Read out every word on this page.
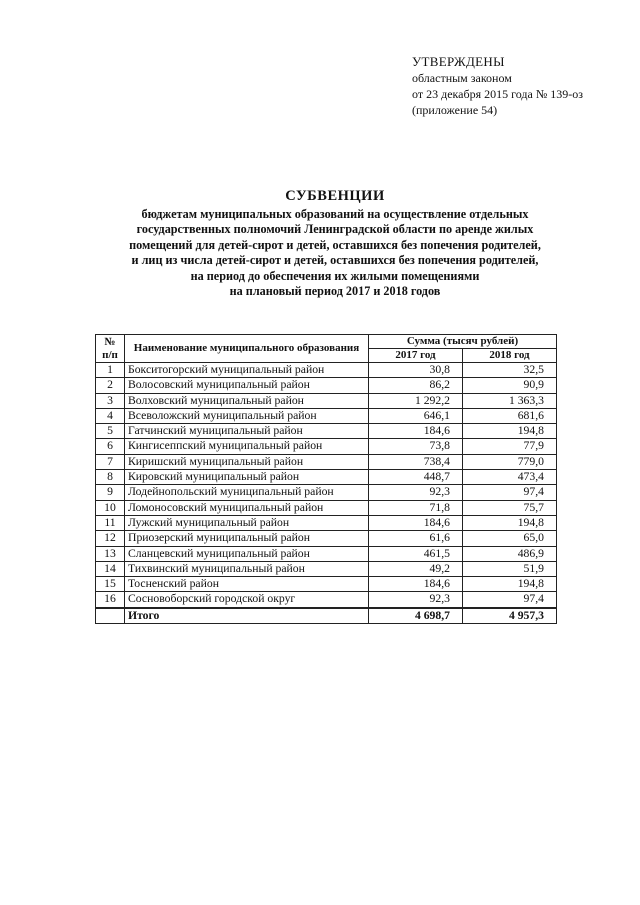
УТВЕРЖДЕНЫ
областным законом
от 23 декабря 2015 года № 139-оз
(приложение 54)
СУБВЕНЦИИ
бюджетам муниципальных образований на осуществление отдельных
государственных полномочий Ленинградской области по аренде жилых
помещений для детей-сирот и детей, оставшихся без попечения родителей,
и лиц из числа детей-сирот и детей, оставшихся без попечения родителей,
на период до обеспечения их жилыми помещениями
на плановый период 2017 и 2018 годов
№ п/п	Наименование муниципального образования	Сумма (тысяч рублей)	
		2017 год	2018 год
1	Бокситогорский муниципальный район	30,8	32,5
2	Волосовский муниципальный район	86,2	90,9
3	Волховский муниципальный район	1 292,2	1 363,3
4	Всеволожский муниципальный район	646,1	681,6
5	Гатчинский муниципальный район	184,6	194,8
6	Кингисеппский муниципальный район	73,8	77,9
7	Киришский муниципальный район	738,4	779,0
8	Кировский муниципальный район	448,7	473,4
9	Лодейнопольский муниципальный район	92,3	97,4
10	Ломоносовский муниципальный район	71,8	75,7
11	Лужский муниципальный район	184,6	194,8
12	Приозерский муниципальный район	61,6	65,0
13	Сланцевский муниципальный район	461,5	486,9
14	Тихвинский муниципальный район	49,2	51,9
15	Тосненский район	184,6	194,8
16	Сосновоборский городской округ	92,3	97,4
	Итого	4 698,7	4 957,3
